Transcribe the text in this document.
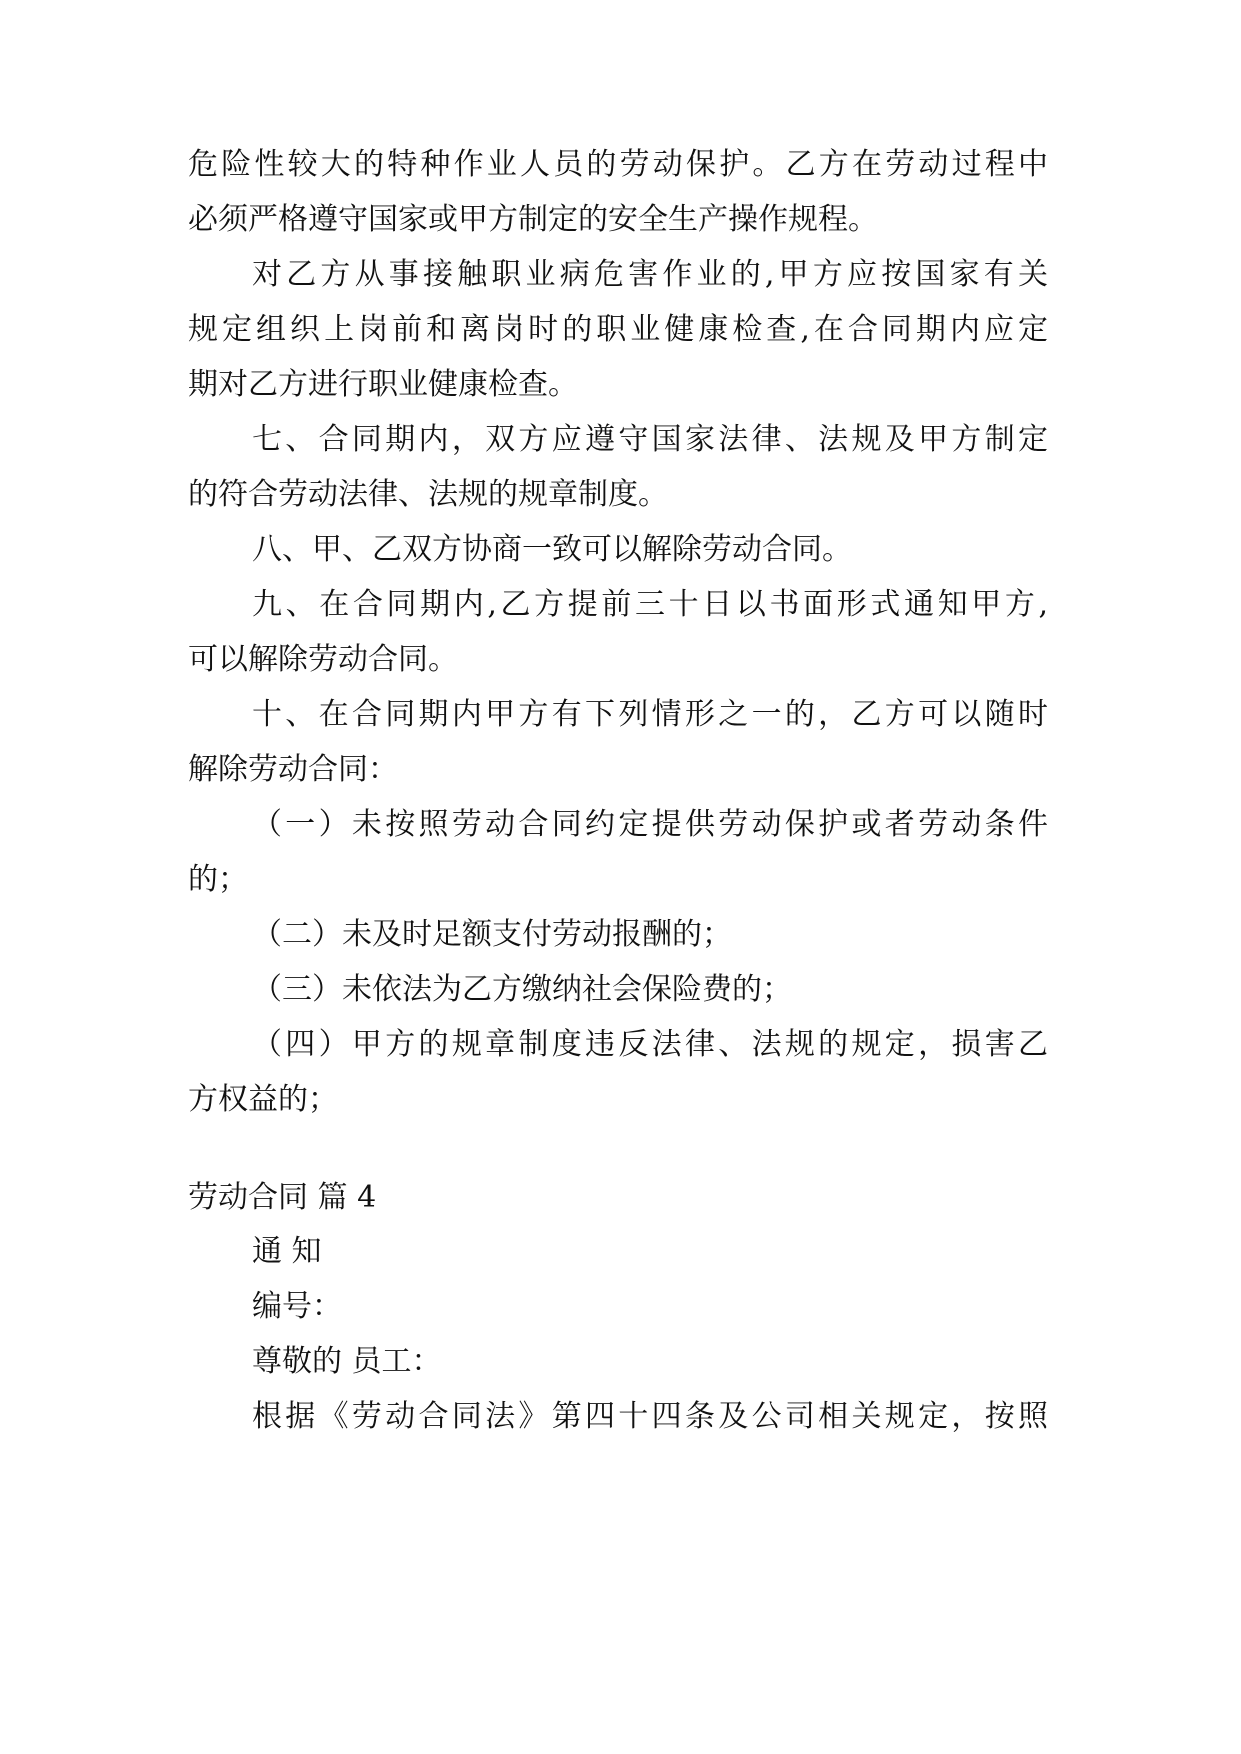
危险性较大的特种作业人员的劳动保护。乙方在劳动过程中
必须严格遵守国家或甲方制定的安全生产操作规程。
对乙方从事接触职业病危害作业的,甲方应按国家有关
规定组织上岗前和离岗时的职业健康检查,在合同期内应定
期对乙方进行职业健康检查。
七、合同期内，双方应遵守国家法律、法规及甲方制定
的符合劳动法律、法规的规章制度。
八、甲、乙双方协商一致可以解除劳动合同。
九、在合同期内,乙方提前三十日以书面形式通知甲方,
可以解除劳动合同。
十、在合同期内甲方有下列情形之一的，乙方可以随时
解除劳动合同：
（一）未按照劳动合同约定提供劳动保护或者劳动条件
的；
（二）未及时足额支付劳动报酬的；
（三）未依法为乙方缴纳社会保险费的；
（四）甲方的规章制度违反法律、法规的规定，损害乙
方权益的；
劳动合同 篇 4
通 知
编号：
尊敬的 员工：
根据《劳动合同法》第四十四条及公司相关规定，按照
